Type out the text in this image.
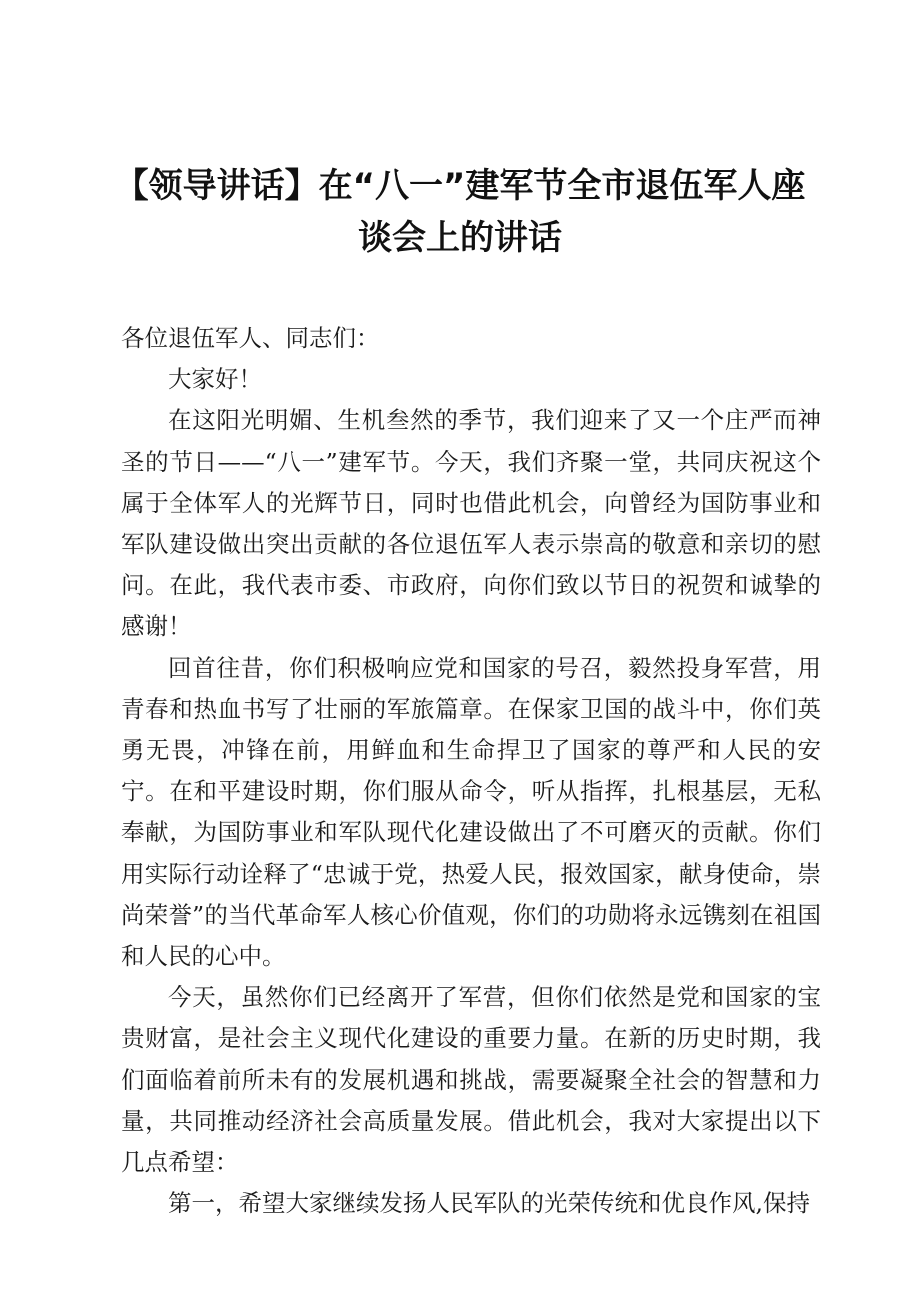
【领导讲话】在“八一”建军节全市退伍军人座谈会上的讲话

各位退伍军人、同志们：

大家好！

在这阳光明媚、生机叁然的季节，我们迎来了又一个庄严而神圣的节日——“八一”建军节。今天，我们齐聚一堂，共同庆祝这个属于全体军人的光辉节日，同时也借此机会，向曾经为国防事业和军队建设做出突出贡献的各位退伍军人表示崇高的敬意和亲切的慰问。在此，我代表市委、市政府，向你们致以节日的祝贺和诚挚的感谢！

回首往昔，你们积极响应党和国家的号召，毅然投身军营，用青春和热血书写了壮丽的军旅篇章。在保家卫国的战斗中，你们英勇无畏，冲锋在前，用鲜血和生命捍卫了国家的尊严和人民的安宁。在和平建设时期，你们服从命令，听从指挥，扎根基层，无私奉献，为国防事业和军队现代化建设做出了不可磨灭的贡献。你们用实际行动诠释了“忠诚于党，热爱人民，报效国家，献身使命，崇尚荣誉”的当代革命军人核心价值观，你们的功勋将永远镌刻在祖国和人民的心中。

今天，虽然你们已经离开了军营，但你们依然是党和国家的宝贵财富，是社会主义现代化建设的重要力量。在新的历史时期，我们面临着前所未有的发展机遇和挑战，需要凝聚全社会的智慧和力量，共同推动经济社会高质量发展。借此机会，我对大家提出以下几点希望：

第一，希望大家继续发扬人民军队的光荣传统和优良作风,保持
